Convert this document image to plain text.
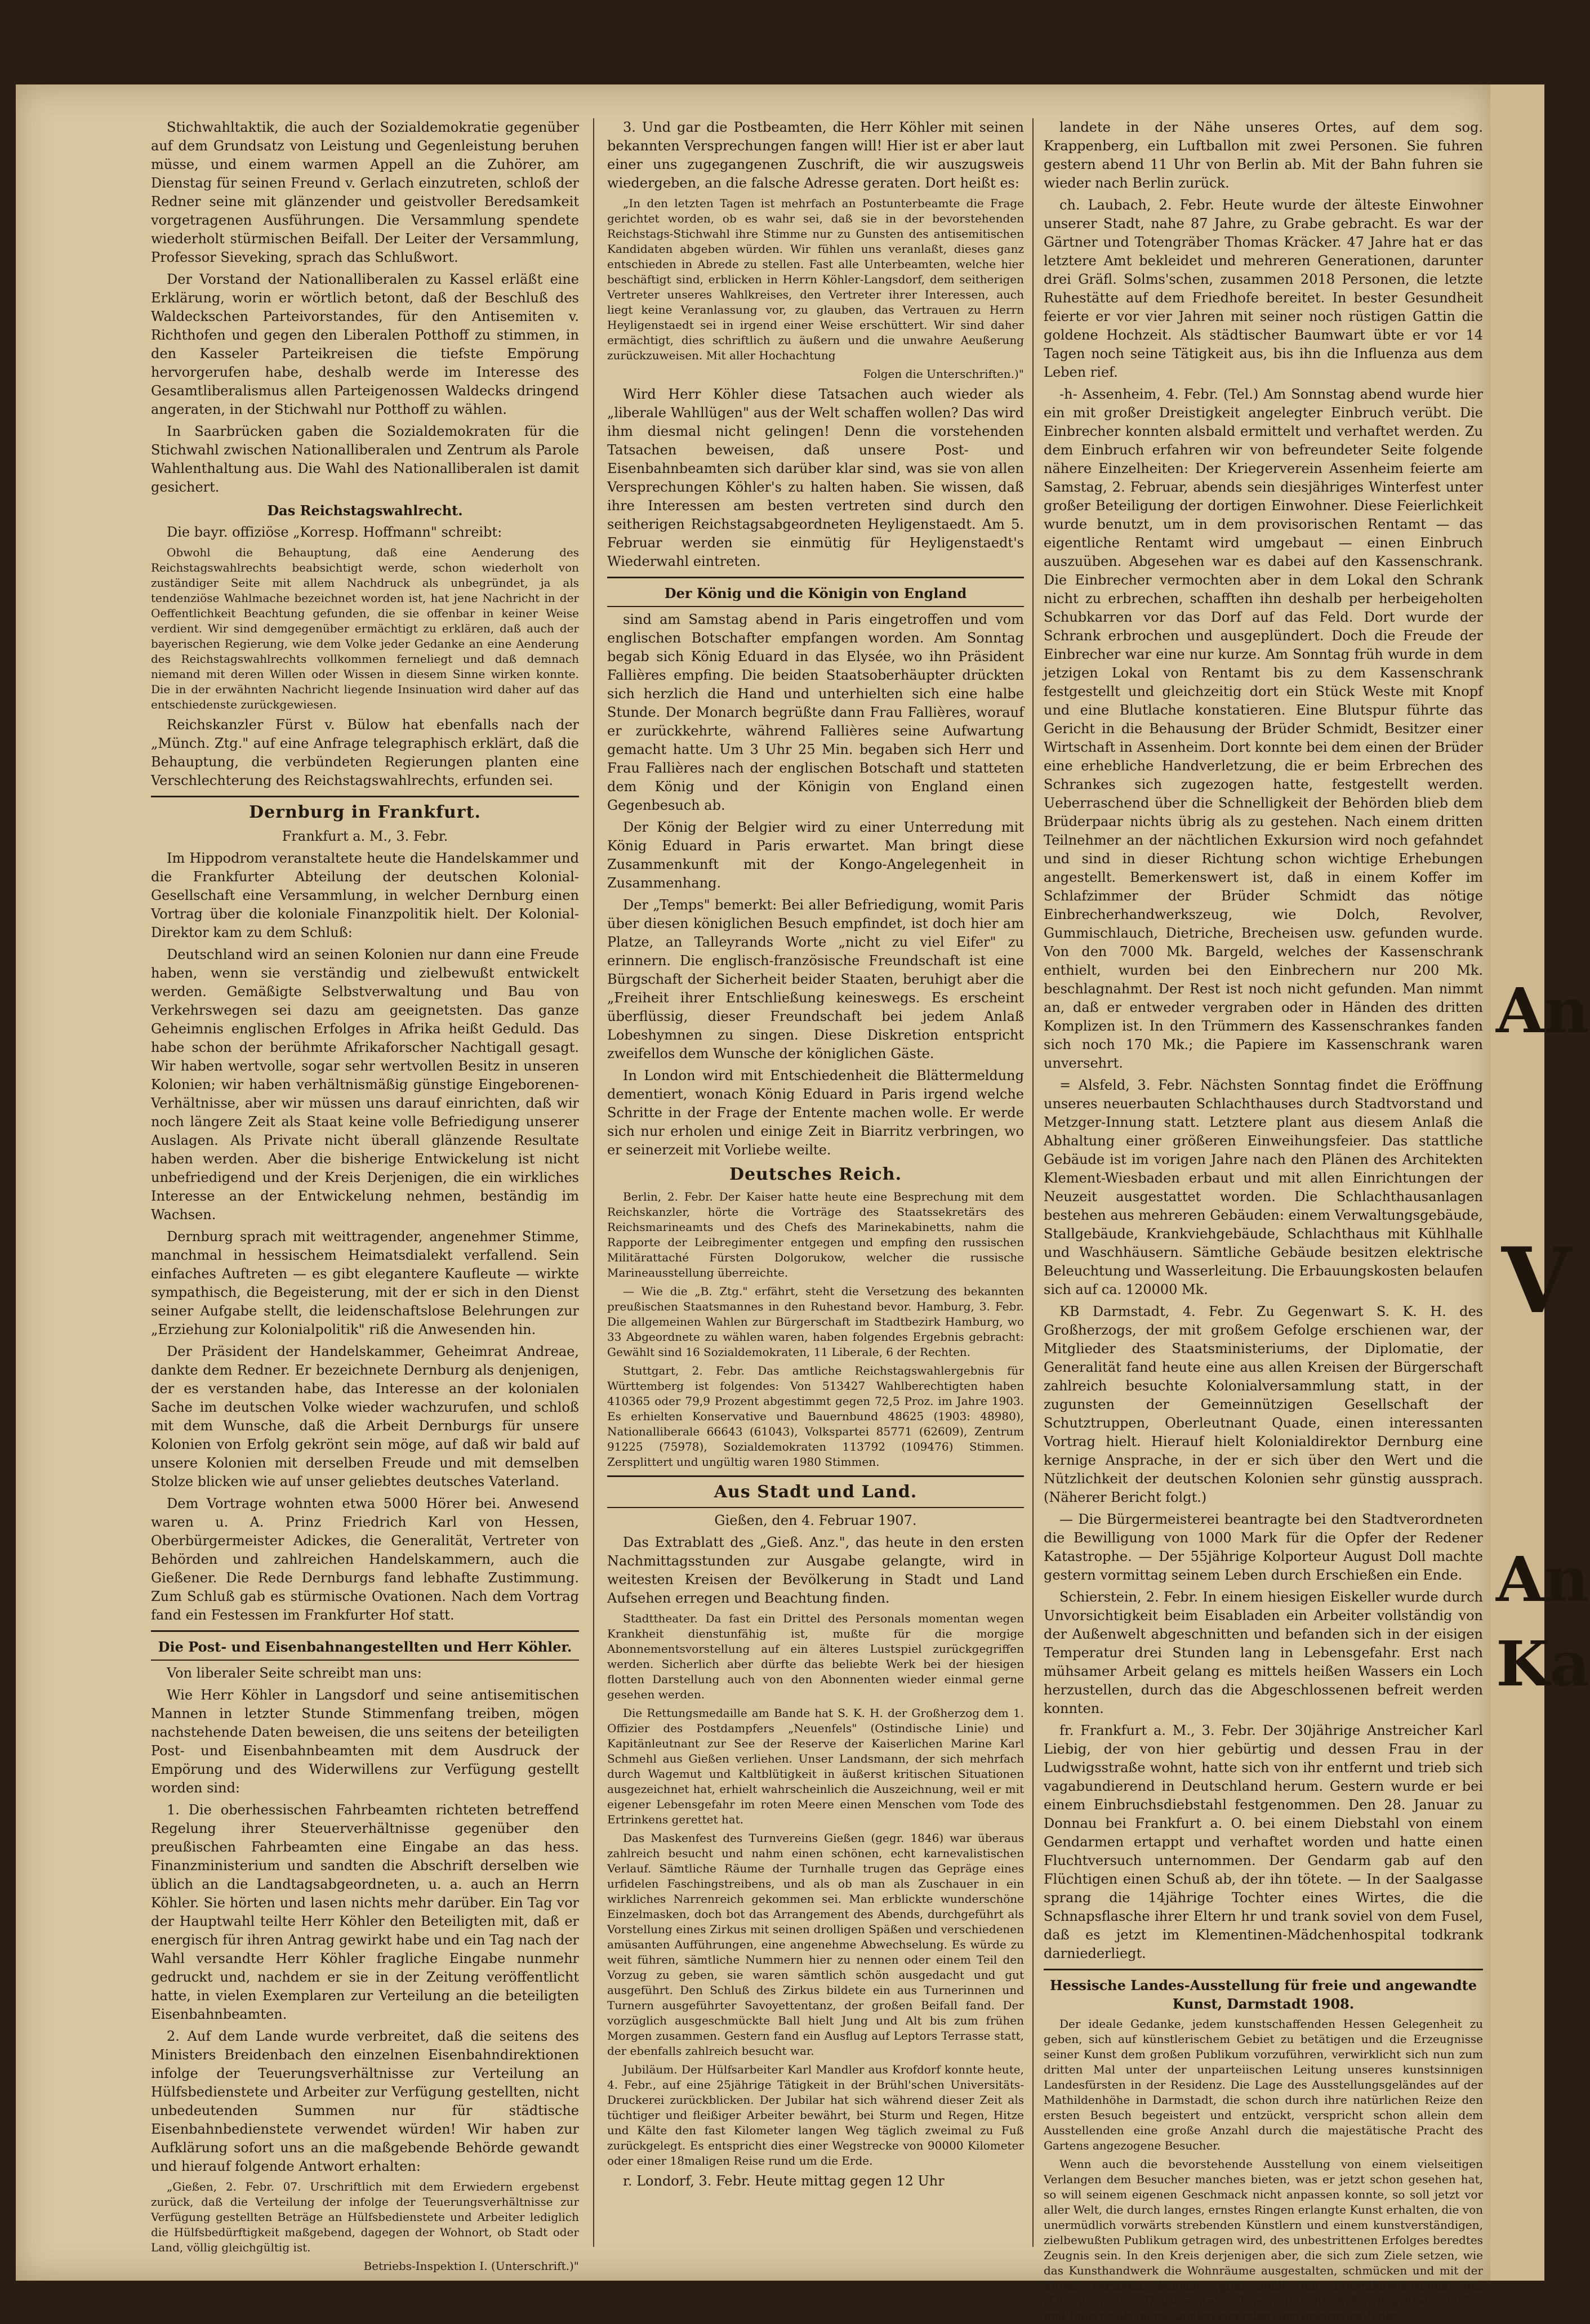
Stichwahltaktik, die auch der Sozialdemokratie gegenüber auf dem Grundsatz von Leistung und Gegenleistung beruhen müsse, und einem warmen Appell an die Zuhörer, am Dienstag für seinen Freund v. Gerlach einzutreten, schloß der Redner seine mit glänzender und geistvoller Beredsamkeit vorgetragenen Ausführungen. Die Versammlung spendete wiederholt stürmischen Beifall. Der Leiter der Versammlung, Professor Sieveking, sprach das Schlußwort.

Der Vorstand der Nationalliberalen zu Kassel erläßt eine Erklärung, worin er wörtlich betont, daß der Beschluß des Waldeckschen Parteivorstandes, für den Antisemiten v. Richthofen und gegen den Liberalen Potthoff zu stimmen, in den Kasseler Parteikreisen die tiefste Empörung hervorgerufen habe, deshalb werde im Interesse des Gesamtliberalismus allen Parteigenossen Waldecks dringend angeraten, in der Stichwahl nur Potthoff zu wählen.

In Saarbrücken gaben die Sozialdemokraten für die Stichwahl zwischen Nationalliberalen und Zentrum als Parole Wahlenthaltung aus. Die Wahl des Nationalliberalen ist damit gesichert.

Das Reichstagswahlrecht.

Die bayr. offiziöse „Korresp. Hoffmann" schreibt:

Obwohl die Behauptung, daß eine Aenderung des Reichstagswahlrechts beabsichtigt werde, schon wiederholt von zuständiger Seite mit allem Nachdruck als unbegründet, ja als tendenziöse Wahlmache bezeichnet worden ist, hat jene Nachricht in der Oeffentlichkeit Beachtung gefunden, die sie offenbar in keiner Weise verdient. Wir sind demgegenüber ermächtigt zu erklären, daß auch der bayerischen Regierung, wie dem Volke jeder Gedanke an eine Aenderung des Reichstagswahlrechts vollkommen ferneliegt und daß demnach niemand mit deren Willen oder Wissen in diesem Sinne wirken konnte. Die in der erwähnten Nachricht liegende Insinuation wird daher auf das entschiedenste zurückgewiesen.

Reichskanzler Fürst v. Bülow hat ebenfalls nach der „Münch. Ztg." auf eine Anfrage telegraphisch erklärt, daß die Behauptung, die verbündeten Regierungen planten eine Verschlechterung des Reichstagswahlrechts, erfunden sei.

Dernburg in Frankfurt.

Frankfurt a. M., 3. Febr.

Im Hippodrom veranstaltete heute die Handelskammer und die Frankfurter Abteilung der deutschen Kolonial-Gesellschaft eine Versammlung, in welcher Dernburg einen Vortrag über die koloniale Finanzpolitik hielt. Der Kolonial-Direktor kam zu dem Schluß:

Deutschland wird an seinen Kolonien nur dann eine Freude haben, wenn sie verständig und zielbewußt entwickelt werden. Gemäßigte Selbstverwaltung und Bau von Verkehrswegen sei dazu am geeignetsten. Das ganze Geheimnis englischen Erfolges in Afrika heißt Geduld. Das habe schon der berühmte Afrikaforscher Nachtigall gesagt. Wir haben wertvolle, sogar sehr wertvollen Besitz in unseren Kolonien; wir haben verhältnismäßig günstige Eingeborenen-Verhältnisse, aber wir müssen uns darauf einrichten, daß wir noch längere Zeit als Staat keine volle Befriedigung unserer Auslagen. Als Private nicht überall glänzende Resultate haben werden. Aber die bisherige Entwickelung ist nicht unbefriedigend und der Kreis Derjenigen, die ein wirkliches Interesse an der Entwickelung nehmen, beständig im Wachsen.

Dernburg sprach mit weittragender, angenehmer Stimme, manchmal in hessischem Heimatsdialekt verfallend. Sein einfaches Auftreten — es gibt elegantere Kaufleute — wirkte sympathisch, die Begeisterung, mit der er sich in den Dienst seiner Aufgabe stellt, die leidenschaftslose Belehrungen zur „Erziehung zur Kolonialpolitik" riß die Anwesenden hin.

Der Präsident der Handelskammer, Geheimrat Andreae, dankte dem Redner. Er bezeichnete Dernburg als denjenigen, der es verstanden habe, das Interesse an der kolonialen Sache im deutschen Volke wieder wachzurufen, und schloß mit dem Wunsche, daß die Arbeit Dernburgs für unsere Kolonien von Erfolg gekrönt sein möge, auf daß wir bald auf unsere Kolonien mit derselben Freude und mit demselben Stolze blicken wie auf unser geliebtes deutsches Vaterland.

Dem Vortrage wohnten etwa 5000 Hörer bei. Anwesend waren u. A. Prinz Friedrich Karl von Hessen, Oberbürgermeister Adickes, die Generalität, Vertreter von Behörden und zahlreichen Handelskammern, auch die Gießener. Die Rede Dernburgs fand lebhafte Zustimmung. Zum Schluß gab es stürmische Ovationen. Nach dem Vortrag fand ein Festessen im Frankfurter Hof statt.

Die Post- und Eisenbahnangestellten und Herr Köhler.

Von liberaler Seite schreibt man uns:

Wie Herr Köhler in Langsdorf und seine antisemitischen Mannen in letzter Stunde Stimmenfang treiben, mögen nachstehende Daten beweisen, die uns seitens der beteiligten Post- und Eisenbahnbeamten mit dem Ausdruck der Empörung und des Widerwillens zur Verfügung gestellt worden sind:

1. Die oberhessischen Fahrbeamten richteten betreffend Regelung ihrer Steuerverhältnisse gegenüber den preußischen Fahrbeamten eine Eingabe an das hess. Finanzministerium und sandten die Abschrift derselben wie üblich an die Landtagsabgeordneten, u. a. auch an Herrn Köhler. Sie hörten und lasen nichts mehr darüber. Ein Tag vor der Hauptwahl teilte Herr Köhler den Beteiligten mit, daß er energisch für ihren Antrag gewirkt habe und ein Tag nach der Wahl versandte Herr Köhler fragliche Eingabe nunmehr gedruckt und, nachdem er sie in der Zeitung veröffentlicht hatte, in vielen Exemplaren zur Verteilung an die beteiligten Eisenbahnbeamten.

2. Auf dem Lande wurde verbreitet, daß die seitens des Ministers Breidenbach den einzelnen Eisenbahndirektionen infolge der Teuerungsverhältnisse zur Verteilung an Hülfsbedienstete und Arbeiter zur Verfügung gestellten, nicht unbedeutenden Summen nur für städtische Eisenbahnbedienstete verwendet würden! Wir haben zur Aufklärung sofort uns an die maßgebende Behörde gewandt und hierauf folgende Antwort erhalten:

„Gießen, 2. Febr. 07. Urschriftlich mit dem Erwiedern ergebenst zurück, daß die Verteilung der infolge der Teuerungsverhältnisse zur Verfügung gestellten Beträge an Hülfsbedienstete und Arbeiter lediglich die Hülfsbedürftigkeit maßgebend, dagegen der Wohnort, ob Stadt oder Land, völlig gleichgültig ist.

Betriebs-Inspektion I. (Unterschrift.)"

3. Und gar die Postbeamten, die Herr Köhler mit seinen bekannten Versprechungen fangen will! Hier ist er aber laut einer uns zugegangenen Zuschrift, die wir auszugsweis wiedergeben, an die falsche Adresse geraten. Dort heißt es:

„In den letzten Tagen ist mehrfach an Postunterbeamte die Frage gerichtet worden, ob es wahr sei, daß sie in der bevorstehenden Reichstags-Stichwahl ihre Stimme nur zu Gunsten des antisemitischen Kandidaten abgeben würden. Wir fühlen uns veranlaßt, dieses ganz entschieden in Abrede zu stellen. Fast alle Unterbeamten, welche hier beschäftigt sind, erblicken in Herrn Köhler-Langsdorf, dem seitherigen Vertreter unseres Wahlkreises, den Vertreter ihrer Interessen, auch liegt keine Veranlassung vor, zu glauben, das Vertrauen zu Herrn Heyligenstaedt sei in irgend einer Weise erschüttert. Wir sind daher ermächtigt, dies schriftlich zu äußern und die unwahre Aeußerung zurückzuweisen. Mit aller Hochachtung

Folgen die Unterschriften.)"

Wird Herr Köhler diese Tatsachen auch wieder als „liberale Wahllügen" aus der Welt schaffen wollen? Das wird ihm diesmal nicht gelingen! Denn die vorstehenden Tatsachen beweisen, daß unsere Post- und Eisenbahnbeamten sich darüber klar sind, was sie von allen Versprechungen Köhler's zu halten haben. Sie wissen, daß ihre Interessen am besten vertreten sind durch den seitherigen Reichstagsabgeordneten Heyligenstaedt. Am 5. Februar werden sie einmütig für Heyligenstaedt's Wiederwahl eintreten.

Der König und die Königin von England

sind am Samstag abend in Paris eingetroffen und vom englischen Botschafter empfangen worden. Am Sonntag begab sich König Eduard in das Elysée, wo ihn Präsident Fallières empfing. Die beiden Staatsoberhäupter drückten sich herzlich die Hand und unterhielten sich eine halbe Stunde. Der Monarch begrüßte dann Frau Fallières, worauf er zurückkehrte, während Fallières seine Aufwartung gemacht hatte. Um 3 Uhr 25 Min. begaben sich Herr und Frau Fallières nach der englischen Botschaft und statteten dem König und der Königin von England einen Gegenbesuch ab.

Der König der Belgier wird zu einer Unterredung mit König Eduard in Paris erwartet. Man bringt diese Zusammenkunft mit der Kongo-Angelegenheit in Zusammenhang.

Der „Temps" bemerkt: Bei aller Befriedigung, womit Paris über diesen königlichen Besuch empfindet, ist doch hier am Platze, an Talleyrands Worte „nicht zu viel Eifer" zu erinnern. Die englisch-französische Freundschaft ist eine Bürgschaft der Sicherheit beider Staaten, beruhigt aber die „Freiheit ihrer Entschließung keineswegs. Es erscheint überflüssig, dieser Freundschaft bei jedem Anlaß Lobeshymnen zu singen. Diese Diskretion entspricht zweifellos dem Wunsche der königlichen Gäste.

In London wird mit Entschiedenheit die Blättermeldung dementiert, wonach König Eduard in Paris irgend welche Schritte in der Frage der Entente machen wolle. Er werde sich nur erholen und einige Zeit in Biarritz verbringen, wo er seinerzeit mit Vorliebe weilte.

Deutsches Reich.

Berlin, 2. Febr. Der Kaiser hatte heute eine Besprechung mit dem Reichskanzler, hörte die Vorträge des Staatssekretärs des Reichsmarineamts und des Chefs des Marinekabinetts, nahm die Rapporte der Leibregimenter entgegen und empfing den russischen Militärattaché Fürsten Dolgorukow, welcher die russische Marineausstellung überreichte.

— Wie die „B. Ztg." erfährt, steht die Versetzung des bekannten preußischen Staatsmannes in den Ruhestand bevor. Hamburg, 3. Febr. Die allgemeinen Wahlen zur Bürgerschaft im Stadtbezirk Hamburg, wo 33 Abgeordnete zu wählen waren, haben folgendes Ergebnis gebracht: Gewählt sind 16 Sozialdemokraten, 11 Liberale, 6 der Rechten.

Stuttgart, 2. Febr. Das amtliche Reichstagswahlergebnis für Württemberg ist folgendes: Von 513427 Wahlberechtigten haben 410365 oder 79,9 Prozent abgestimmt gegen 72,5 Proz. im Jahre 1903. Es erhielten Konservative und Bauernbund 48625 (1903: 48980), Nationalliberale 66643 (61043), Volkspartei 85771 (62609), Zentrum 91225 (75978), Sozialdemokraten 113792 (109476) Stimmen. Zersplittert und ungültig waren 1980 Stimmen.

Aus Stadt und Land.

Gießen, den 4. Februar 1907.

Das Extrablatt des „Gieß. Anz.", das heute in den ersten Nachmittagsstunden zur Ausgabe gelangte, wird in weitesten Kreisen der Bevölkerung in Stadt und Land Aufsehen erregen und Beachtung finden.

Stadttheater. Da fast ein Drittel des Personals momentan wegen Krankheit dienstunfähig ist, mußte für die morgige Abonnementsvorstellung auf ein älteres Lustspiel zurückgegriffen werden. Sicherlich aber dürfte das beliebte Werk bei der hiesigen flotten Darstellung auch von den Abonnenten wieder einmal gerne gesehen werden.

Die Rettungsmedaille am Bande hat S. K. H. der Großherzog dem 1. Offizier des Postdampfers „Neuenfels" (Ostindische Linie) und Kapitänleutnant zur See der Reserve der Kaiserlichen Marine Karl Schmehl aus Gießen verliehen. Unser Landsmann, der sich mehrfach durch Wagemut und Kaltblütigkeit in äußerst kritischen Situationen ausgezeichnet hat, erhielt wahrscheinlich die Auszeichnung, weil er mit eigener Lebensgefahr im roten Meere einen Menschen vom Tode des Ertrinkens gerettet hat.

Das Maskenfest des Turnvereins Gießen (gegr. 1846) war überaus zahlreich besucht und nahm einen schönen, echt karnevalistischen Verlauf. Sämtliche Räume der Turnhalle trugen das Gepräge eines urfidelen Faschingstreibens, und als ob man als Zuschauer in ein wirkliches Narrenreich gekommen sei. Man erblickte wunderschöne Einzelmasken, doch bot das Arrangement des Abends, durchgeführt als Vorstellung eines Zirkus mit seinen drolligen Späßen und verschiedenen amüsanten Aufführungen, eine angenehme Abwechselung. Es würde zu weit führen, sämtliche Nummern hier zu nennen oder einem Teil den Vorzug zu geben, sie waren sämtlich schön ausgedacht und gut ausgeführt. Den Schluß des Zirkus bildete ein aus Turnerinnen und Turnern ausgeführter Savoyettentanz, der großen Beifall fand. Der vorzüglich ausgeschmückte Ball hielt Jung und Alt bis zum frühen Morgen zusammen. Gestern fand ein Ausflug auf Leptors Terrasse statt, der ebenfalls zahlreich besucht war.

Jubiläum. Der Hülfsarbeiter Karl Mandler aus Krofdorf konnte heute, 4. Febr., auf eine 25jährige Tätigkeit in der Brühl'schen Universitäts-Druckerei zurückblicken. Der Jubilar hat sich während dieser Zeit als tüchtiger und fleißiger Arbeiter bewährt, bei Sturm und Regen, Hitze und Kälte den fast Kilometer langen Weg täglich zweimal zu Fuß zurückgelegt. Es entspricht dies einer Wegstrecke von 90000 Kilometer oder einer 18maligen Reise rund um die Erde.

r. Londorf, 3. Febr. Heute mittag gegen 12 Uhr

landete in der Nähe unseres Ortes, auf dem sog. Krappenberg, ein Luftballon mit zwei Personen. Sie fuhren gestern abend 11 Uhr von Berlin ab. Mit der Bahn fuhren sie wieder nach Berlin zurück.

ch. Laubach, 2. Febr. Heute wurde der älteste Einwohner unserer Stadt, nahe 87 Jahre, zu Grabe gebracht. Es war der Gärtner und Totengräber Thomas Kräcker. 47 Jahre hat er das letztere Amt bekleidet und mehreren Generationen, darunter drei Gräfl. Solms'schen, zusammen 2018 Personen, die letzte Ruhestätte auf dem Friedhofe bereitet. In bester Gesundheit feierte er vor vier Jahren mit seiner noch rüstigen Gattin die goldene Hochzeit. Als städtischer Baumwart übte er vor 14 Tagen noch seine Tätigkeit aus, bis ihn die Influenza aus dem Leben rief.

-h- Assenheim, 4. Febr. (Tel.) Am Sonnstag abend wurde hier ein mit großer Dreistigkeit angelegter Einbruch verübt. Die Einbrecher konnten alsbald ermittelt und verhaftet werden. Zu dem Einbruch erfahren wir von befreundeter Seite folgende nähere Einzelheiten: Der Kriegerverein Assenheim feierte am Samstag, 2. Februar, abends sein diesjähriges Winterfest unter großer Beteiligung der dortigen Einwohner. Diese Feierlichkeit wurde benutzt, um in dem provisorischen Rentamt — das eigentliche Rentamt wird umgebaut — einen Einbruch auszuüben. Abgesehen war es dabei auf den Kassenschrank. Die Einbrecher vermochten aber in dem Lokal den Schrank nicht zu erbrechen, schafften ihn deshalb per herbeigeholten Schubkarren vor das Dorf auf das Feld. Dort wurde der Schrank erbrochen und ausgeplündert. Doch die Freude der Einbrecher war eine nur kurze. Am Sonntag früh wurde in dem jetzigen Lokal von Rentamt bis zu dem Kassenschrank festgestellt und gleichzeitig dort ein Stück Weste mit Knopf und eine Blutlache konstatieren. Eine Blutspur führte das Gericht in die Behausung der Brüder Schmidt, Besitzer einer Wirtschaft in Assenheim. Dort konnte bei dem einen der Brüder eine erhebliche Handverletzung, die er beim Erbrechen des Schrankes sich zugezogen hatte, festgestellt werden. Ueberraschend über die Schnelligkeit der Behörden blieb dem Brüderpaar nichts übrig als zu gestehen. Nach einem dritten Teilnehmer an der nächtlichen Exkursion wird noch gefahndet und sind in dieser Richtung schon wichtige Erhebungen angestellt. Bemerkenswert ist, daß in einem Koffer im Schlafzimmer der Brüder Schmidt das nötige Einbrecherhandwerkszeug, wie Dolch, Revolver, Gummischlauch, Dietriche, Brecheisen usw. gefunden wurde. Von den 7000 Mk. Bargeld, welches der Kassenschrank enthielt, wurden bei den Einbrechern nur 200 Mk. beschlagnahmt. Der Rest ist noch nicht gefunden. Man nimmt an, daß er entweder vergraben oder in Händen des dritten Komplizen ist. In den Trümmern des Kassenschrankes fanden sich noch 170 Mk.; die Papiere im Kassenschrank waren unversehrt.

= Alsfeld, 3. Febr. Nächsten Sonntag findet die Eröffnung unseres neuerbauten Schlachthauses durch Stadtvorstand und Metzger-Innung statt. Letztere plant aus diesem Anlaß die Abhaltung einer größeren Einweihungsfeier. Das stattliche Gebäude ist im vorigen Jahre nach den Plänen des Architekten Klement-Wiesbaden erbaut und mit allen Einrichtungen der Neuzeit ausgestattet worden. Die Schlachthausanlagen bestehen aus mehreren Gebäuden: einem Verwaltungsgebäude, Stallgebäude, Krankviehgebäude, Schlachthaus mit Kühlhalle und Waschhäusern. Sämtliche Gebäude besitzen elektrische Beleuchtung und Wasserleitung. Die Erbauungskosten belaufen sich auf ca. 120000 Mk.

KB Darmstadt, 4. Febr. Zu Gegenwart S. K. H. des Großherzogs, der mit großem Gefolge erschienen war, der Mitglieder des Staatsministeriums, der Diplomatie, der Generalität fand heute eine aus allen Kreisen der Bürgerschaft zahlreich besuchte Kolonialversammlung statt, in der zugunsten der Gemeinnützigen Gesellschaft der Schutztruppen, Oberleutnant Quade, einen interessanten Vortrag hielt. Hierauf hielt Kolonialdirektor Dernburg eine kernige Ansprache, in der er sich über den Wert und die Nützlichkeit der deutschen Kolonien sehr günstig aussprach. (Näherer Bericht folgt.)

— Die Bürgermeisterei beantragte bei den Stadtverordneten die Bewilligung von 1000 Mark für die Opfer der Redener Katastrophe. — Der 55jährige Kolporteur August Doll machte gestern vormittag seinem Leben durch Erschießen ein Ende.

Schierstein, 2. Febr. In einem hiesigen Eiskeller wurde durch Unvorsichtigkeit beim Eisabladen ein Arbeiter vollständig von der Außenwelt abgeschnitten und befanden sich in der eisigen Temperatur drei Stunden lang in Lebensgefahr. Erst nach mühsamer Arbeit gelang es mittels heißen Wassers ein Loch herzustellen, durch das die Abgeschlossenen befreit werden konnten.

fr. Frankfurt a. M., 3. Febr. Der 30jährige Anstreicher Karl Liebig, der von hier gebürtig und dessen Frau in der Ludwigsstraße wohnt, hatte sich von ihr entfernt und trieb sich vagabundierend in Deutschland herum. Gestern wurde er bei einem Einbruchsdiebstahl festgenommen. Den 28. Januar zu Donnau bei Frankfurt a. O. bei einem Diebstahl von einem Gendarmen ertappt und verhaftet worden und hatte einen Fluchtversuch unternommen. Der Gendarm gab auf den Flüchtigen einen Schuß ab, der ihn tötete. — In der Saalgasse sprang die 14jährige Tochter eines Wirtes, die die Schnapsflasche ihrer Eltern hr und trank soviel von dem Fusel, daß es jetzt im Klementinen-Mädchenhospital todkrank darniederliegt.

Hessische Landes-Ausstellung für freie und angewandte Kunst, Darmstadt 1908.

Der ideale Gedanke, jedem kunstschaffenden Hessen Gelegenheit zu geben, sich auf künstlerischem Gebiet zu betätigen und die Erzeugnisse seiner Kunst dem großen Publikum vorzuführen, verwirklicht sich nun zum dritten Mal unter der unparteiischen Leitung unseres kunstsinnigen Landesfürsten in der Residenz. Die Lage des Ausstellungsgeländes auf der Mathildenhöhe in Darmstadt, die schon durch ihre natürlichen Reize den ersten Besuch begeistert und entzückt, verspricht schon allein dem Ausstellenden eine große Anzahl durch die majestätische Pracht des Gartens angezogene Besucher.

Wenn auch die bevorstehende Ausstellung von einem vielseitigen Verlangen dem Besucher manches bieten, was er jetzt schon gesehen hat, so will seinem eigenen Geschmack nicht anpassen konnte, so soll jetzt vor aller Welt, die durch langes, ernstes Ringen erlangte Kunst erhalten, die von unermüdlich vorwärts strebenden Künstlern und einem kunstverständigen, zielbewußten Publikum getragen wird, des unbestrittenen Erfolges beredtes Zeugnis sein. In den Kreis derjenigen aber, die sich zum Ziele setzen, wie das Kunsthandwerk die Wohnräume ausgestalten, schmücken und mit der Kunst vereinen können, gibt auch die Ausstellungsgruppe der „Oberhessisches Haus" erstehen lassen, das durch den Begriff der Außen und Inneres bis heute, am Samstag des Oberhessisches Haus.

An
An
Ka
V
